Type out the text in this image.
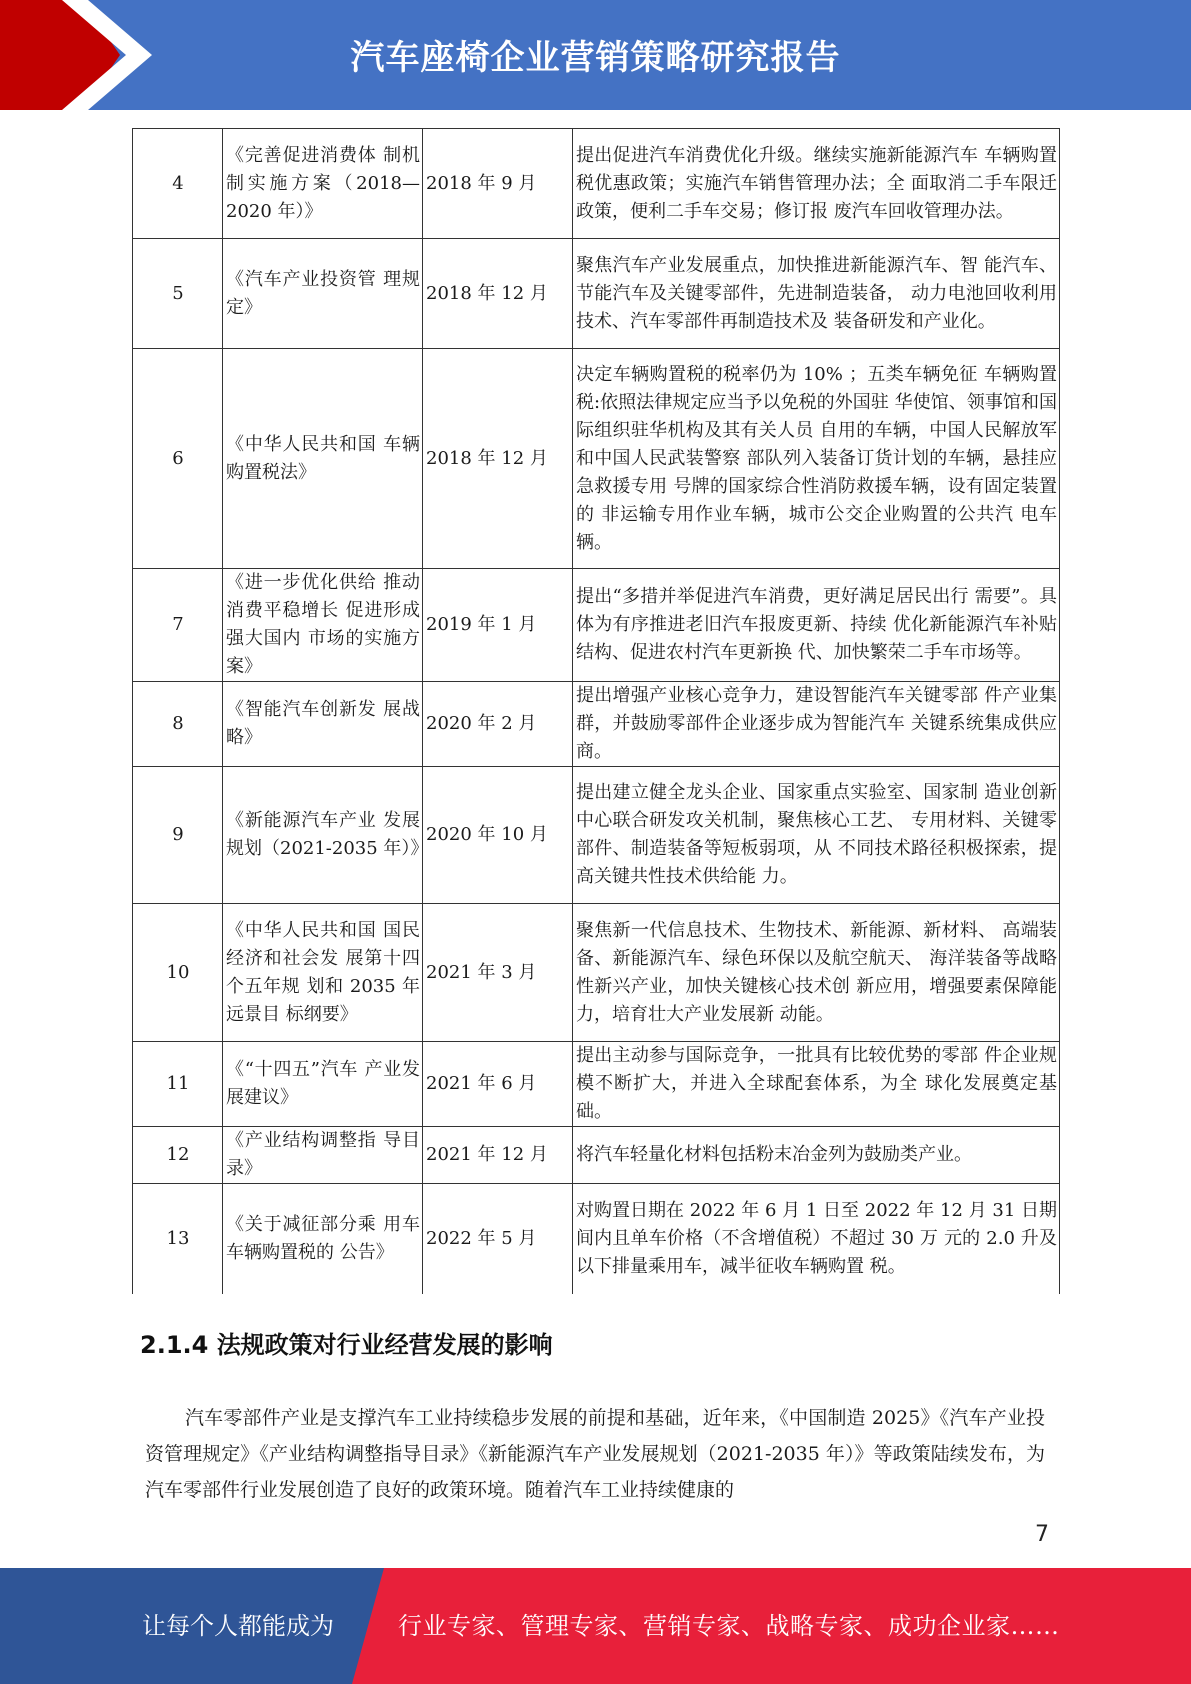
汽车座椅企业营销策略研究报告
4	《完善促进消费体 制机制实施方案（2018—2020 年）》	2018 年 9 月	提出促进汽车消费优化升级。继续实施新能源汽车 车辆购置税优惠政策；实施汽车销售管理办法；全 面取消二手车限迁政策，便利二手车交易；修订报 废汽车回收管理办法。
5	《汽车产业投资管 理规定》	2018 年 12 月	聚焦汽车产业发展重点，加快推进新能源汽车、智 能汽车、节能汽车及关键零部件，先进制造装备， 动力电池回收利用技术、汽车零部件再制造技术及 装备研发和产业化。
6	《中华人民共和国 车辆购置税法》	2018 年 12 月	决定车辆购置税的税率仍为 10% ；五类车辆免征 车辆购置税:依照法律规定应当予以免税的外国驻 华使馆、领事馆和国际组织驻华机构及其有关人员 自用的车辆，中国人民解放军和中国人民武装警察 部队列入装备订货计划的车辆，悬挂应急救援专用 号牌的国家综合性消防救援车辆，设有固定装置的 非运输专用作业车辆，城市公交企业购置的公共汽 电车辆。
7	《进一步优化供给 推动消费平稳增长 促进形成强大国内 市场的实施方案》	2019 年 1 月	提出“多措并举促进汽车消费，更好满足居民出行 需要”。具体为有序推进老旧汽车报废更新、持续 优化新能源汽车补贴结构、促进农村汽车更新换 代、加快繁荣二手车市场等。
8	《智能汽车创新发 展战略》	2020 年 2 月	提出增强产业核心竞争力，建设智能汽车关键零部 件产业集群，并鼓励零部件企业逐步成为智能汽车 关键系统集成供应商。
9	《新能源汽车产业 发展规划（2021-2035 年）》	2020 年 10 月	提出建立健全龙头企业、国家重点实验室、国家制 造业创新中心联合研发攻关机制，聚焦核心工艺、 专用材料、关键零部件、制造装备等短板弱项，从 不同技术路径积极探索，提高关键共性技术供给能 力。
10	《中华人民共和国 国民经济和社会发 展第十四个五年规 划和 2035 年远景目 标纲要》	2021 年 3 月	聚焦新一代信息技术、生物技术、新能源、新材料、 高端装备、新能源汽车、绿色环保以及航空航天、 海洋装备等战略性新兴产业，加快关键核心技术创 新应用，增强要素保障能力，培育壮大产业发展新 动能。
11	《“十四五”汽车 产业发展建议》	2021 年 6 月	提出主动参与国际竞争，一批具有比较优势的零部 件企业规模不断扩大，并进入全球配套体系，为全 球化发展奠定基础。
12	《产业结构调整指 导目录》	2021 年 12 月	将汽车轻量化材料包括粉末冶金列为鼓励类产业。
13	《关于减征部分乘 用车车辆购置税的 公告》	2022 年 5 月	对购置日期在 2022 年 6 月 1 日至 2022 年 12 月 31 日期间内且单车价格（不含增值税）不超过 30 万 元的 2.0 升及以下排量乘用车，减半征收车辆购置 税。
2.1.4 法规政策对行业经营发展的影响
汽车零部件产业是支撑汽车工业持续稳步发展的前提和基础，近年来，《中国制造 2025》《汽车产业投资管理规定》《产业结构调整指导目录》《新能源汽车产业发展规划（2021-2035 年）》等政策陆续发布，为汽车零部件行业发展创造了良好的政策环境。随着汽车工业持续健康的
7
让每个人都能成为	行业专家、管理专家、营销专家、战略专家、成功企业家……
